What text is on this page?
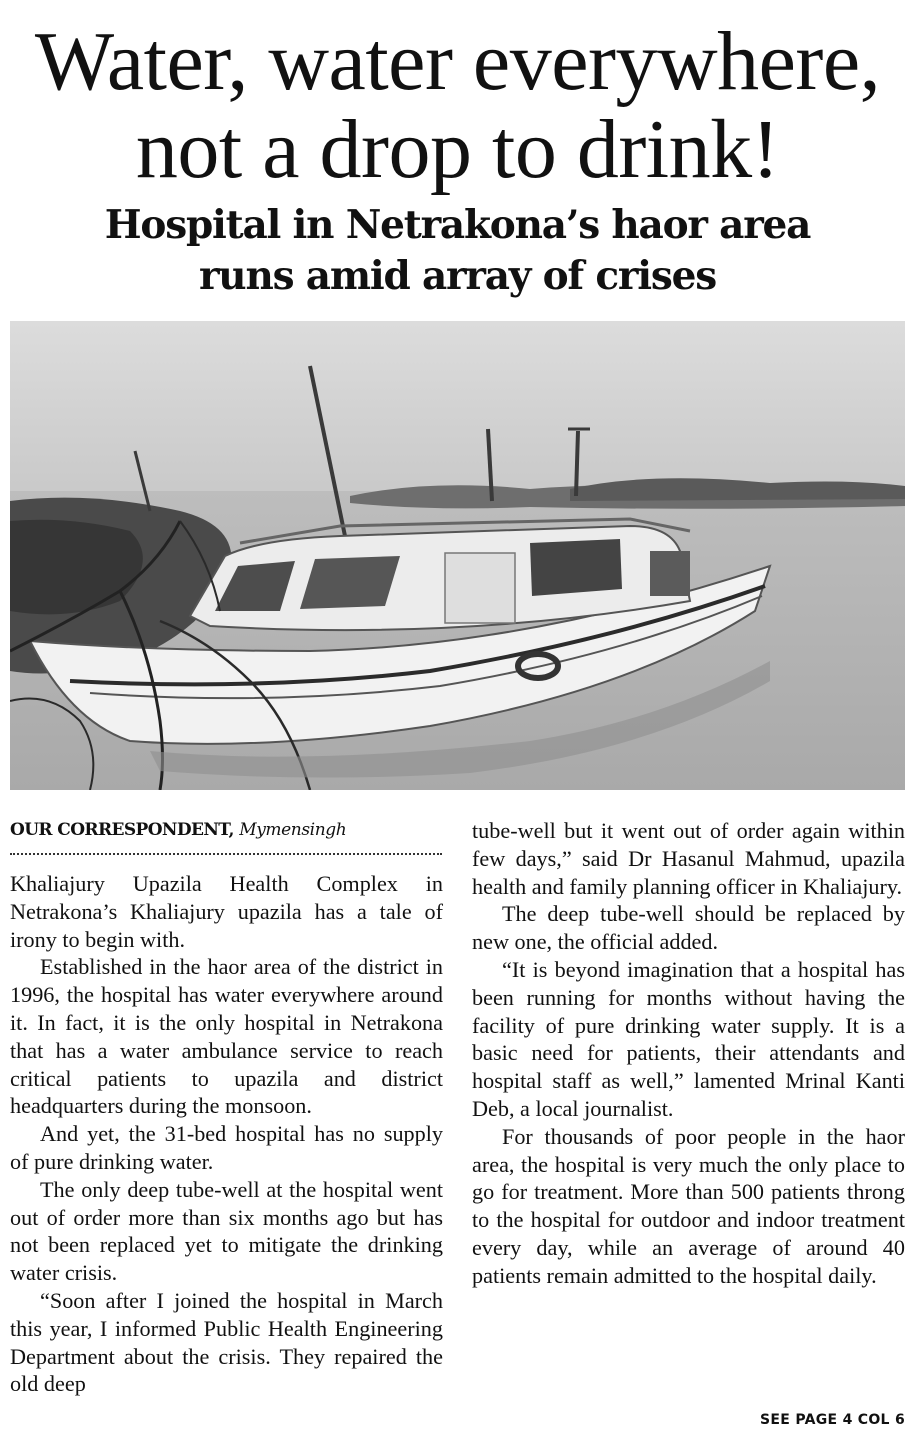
Water, water everywhere,
not a drop to drink!
Hospital in Netrakona’s haor area
runs amid array of crises
OUR CORRESPONDENT, Mymensingh

Khaliajury Upazila Health Complex in Netrakona’s Khaliajury upazila has a tale of irony to begin with.

Established in the haor area of the district in 1996, the hospital has water everywhere around it. In fact, it is the only hospital in Netrakona that has a water ambulance service to reach critical patients to upazila and district headquarters during the monsoon.

And yet, the 31-bed hospital has no supply of pure drinking water.

The only deep tube-well at the hospital went out of order more than six months ago but has not been replaced yet to mitigate the drinking water crisis.

“Soon after I joined the hospital in March this year, I informed Public Health Engineering Department about the crisis. They repaired the old deep

tube-well but it went out of order again within few days,” said Dr Hasanul Mahmud, upazila health and family planning officer in Khaliajury.

The deep tube-well should be replaced by new one, the official added.

“It is beyond imagination that a hospital has been running for months without having the facility of pure drinking water supply. It is a basic need for patients, their attendants and hospital staff as well,” lamented Mrinal Kanti Deb, a local journalist.

For thousands of poor people in the haor area, the hospital is very much the only place to go for treatment. More than 500 patients throng to the hospital for outdoor and indoor treatment every day, while an average of around 40 patients remain admitted to the hospital daily.

SEE PAGE 4 COL 6
